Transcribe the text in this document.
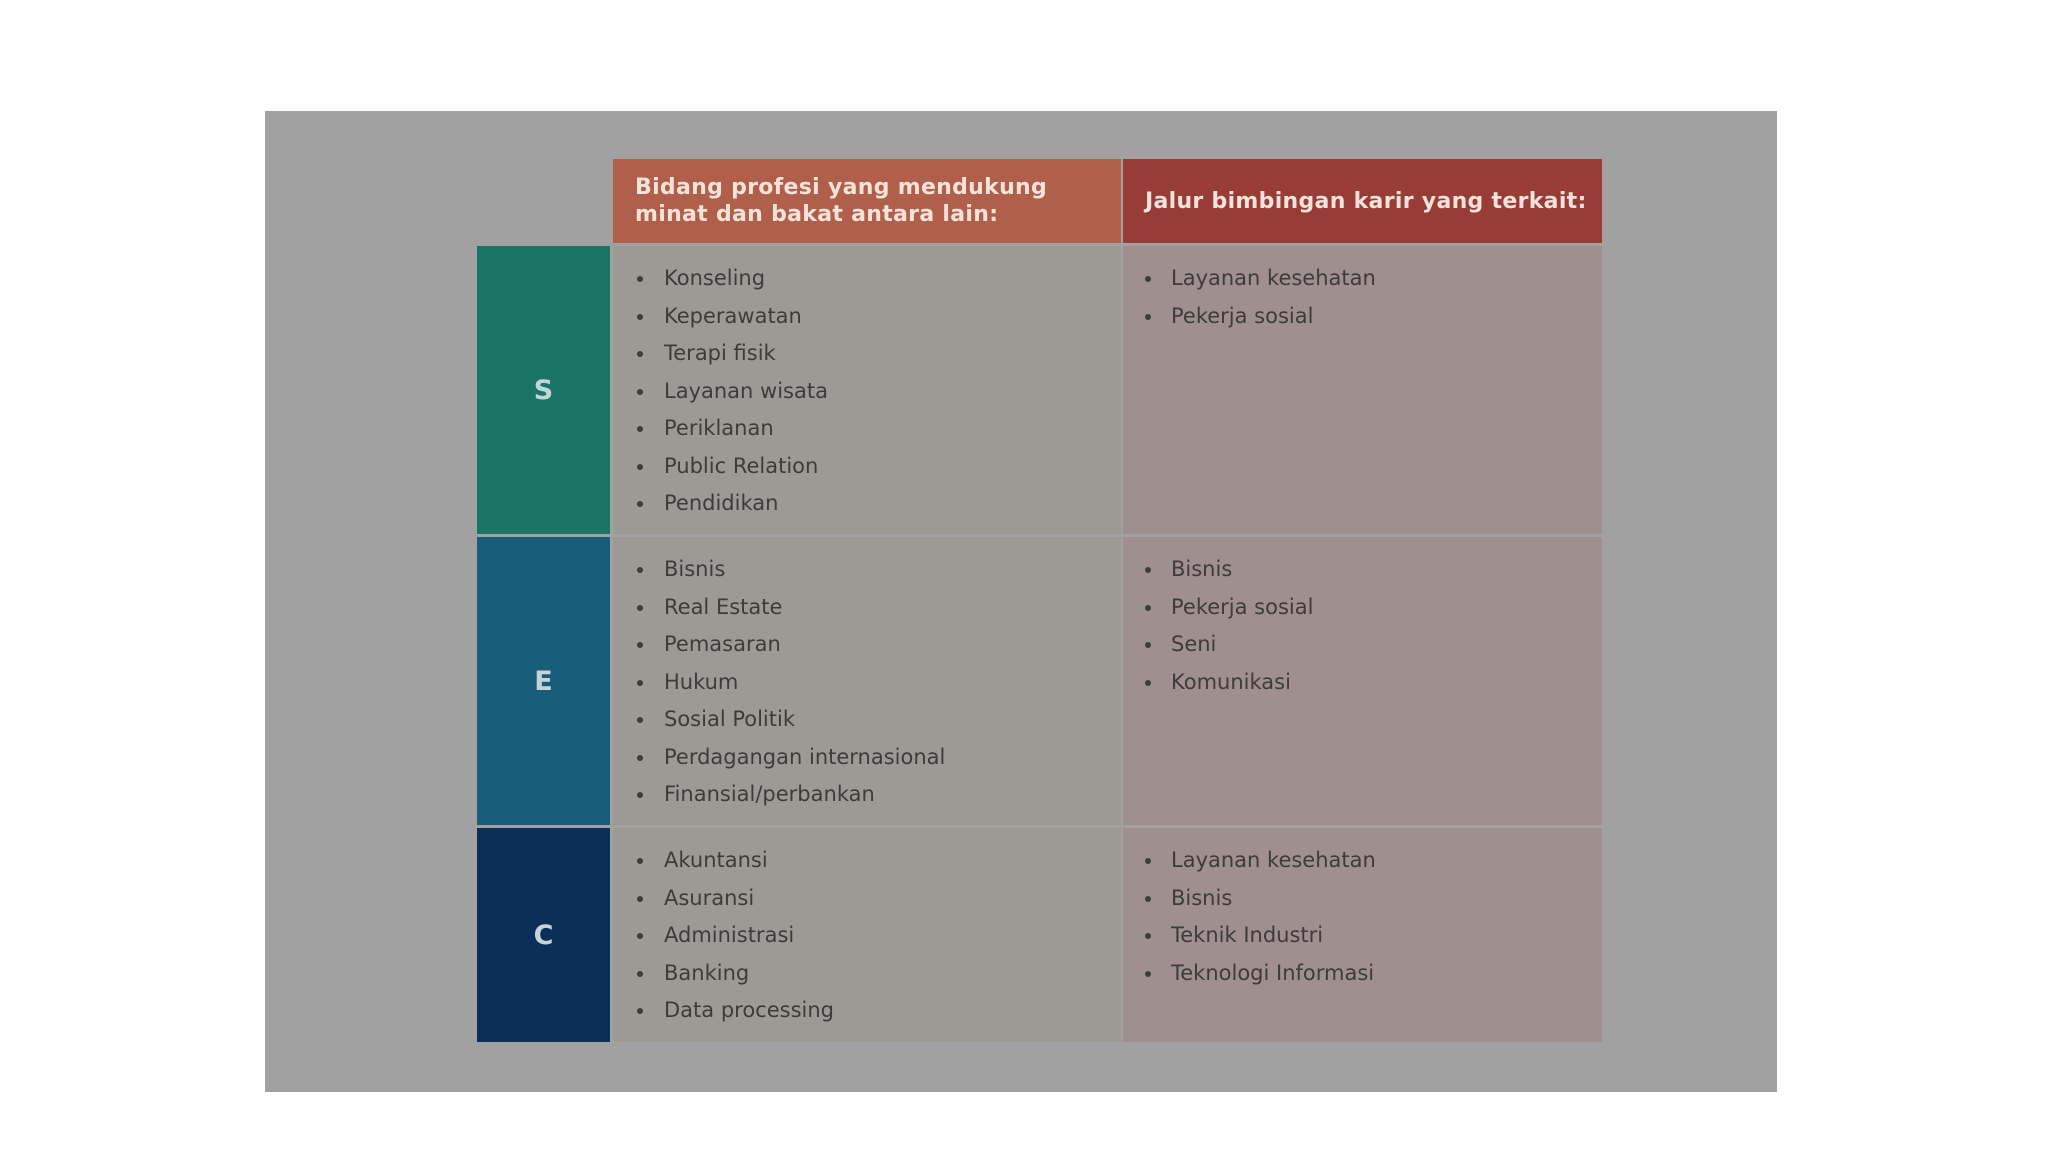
Bidang profesi yang mendukung minat dan bakat antara lain:
Jalur bimbingan karir yang terkait:
S
Konseling
Keperawatan
Terapi fisik
Layanan wisata
Periklanan
Public Relation
Pendidikan
Layanan kesehatan
Pekerja sosial
E
Bisnis
Real Estate
Pemasaran
Hukum
Sosial Politik
Perdagangan internasional
Finansial/perbankan
Bisnis
Pekerja sosial
Seni
Komunikasi
C
Akuntansi
Asuransi
Administrasi
Banking
Data processing
Layanan kesehatan
Bisnis
Teknik Industri
Teknologi Informasi
